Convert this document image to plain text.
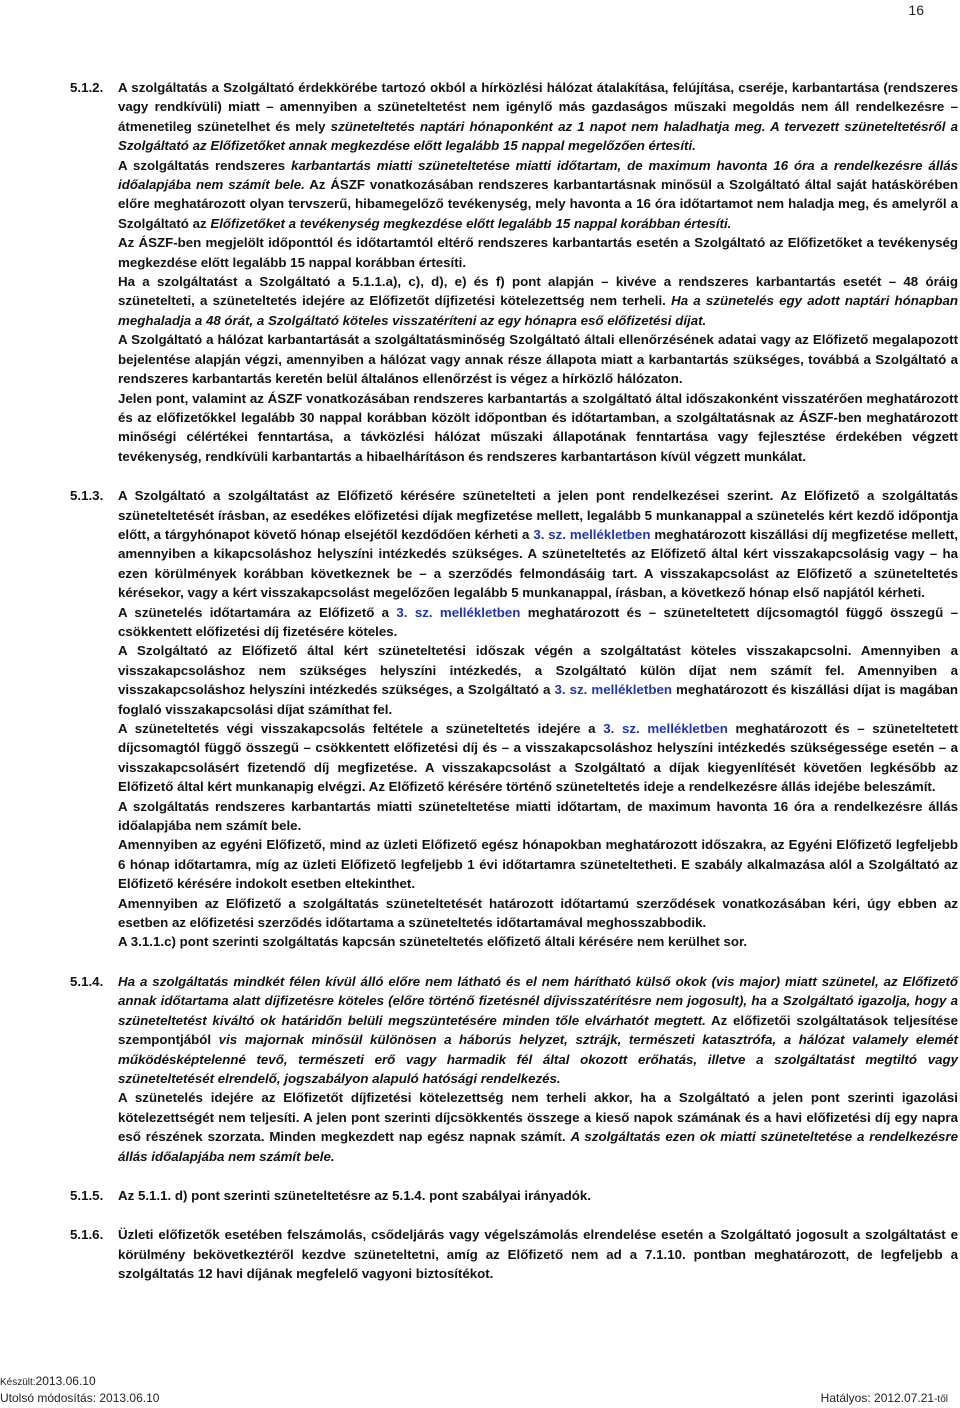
16
5.1.2.	A szolgáltatás a Szolgáltató érdekkörébe tartozó okból a hírközlési hálózat átalakítása, felújítása, cseréje, karbantartása (rendszeres vagy rendkívüli) miatt – amennyiben a szüneteltetést nem igénylő más gazdaságos műszaki megoldás nem áll rendelkezésre – átmenetileg szünetelhet és mely szüneteltetés naptári hónaponként az 1 napot nem haladhatja meg. A tervezett szüneteltetésről a Szolgáltató az Előfizetőket annak megkezdése előtt legalább 15 nappal megelőzően értesíti.

A szolgáltatás rendszeres karbantartás miatti szüneteltetése miatti időtartam, de maximum havonta 16 óra a rendelkezésre állás időalapjába nem számít bele. Az ÁSZF vonatkozásában rendszeres karbantartásnak minősül a Szolgáltató által saját hatáskörében előre meghatározott olyan tervszerű, hibamegelőző tevékenység, mely havonta a 16 óra időtartamot nem haladja meg, és amelyről a Szolgáltató az Előfizetőket a tevékenység megkezdése előtt legalább 15 nappal korábban értesíti.

Az ÁSZF-ben megjelölt időponttól és időtartamtól eltérő rendszeres karbantartás esetén a Szolgáltató az Előfizetőket a tevékenység megkezdése előtt legalább 15 nappal korábban értesíti.

Ha a szolgáltatást a Szolgáltató a 5.1.1.a), c), d), e) és f) pont alapján – kivéve a rendszeres karbantartás esetét – 48 óráig szünetelteti, a szüneteltetés idejére az Előfizetőt díjfizetési kötelezettség nem terheli. Ha a szünetelés egy adott naptári hónapban meghaladja a 48 órát, a Szolgáltató köteles visszatéríteni az egy hónapra eső előfizetési díjat.

A Szolgáltató a hálózat karbantartását a szolgáltatásminőség Szolgáltató általi ellenőrzésének adatai vagy az Előfizető megalapozott bejelentése alapján végzi, amennyiben a hálózat vagy annak része állapota miatt a karbantartás szükséges, továbbá a Szolgáltató a rendszeres karbantartás keretén belül általános ellenőrzést is végez a hírközlő hálózaton.

Jelen pont, valamint az ÁSZF vonatkozásában rendszeres karbantartás a szolgáltató által időszakonként visszatérően meghatározott és az előfizetőkkel legalább 30 nappal korábban közölt időpontban és időtartamban, a szolgáltatásnak az ÁSZF-ben meghatározott minőségi célértékei fenntartása, a távközlési hálózat műszaki állapotának fenntartása vagy fejlesztése érdekében végzett tevékenység, rendkívüli karbantartás a hibaelhárításon és rendszeres karbantartáson kívül végzett munkálat.

5.1.3.	A Szolgáltató a szolgáltatást az Előfizető kérésére szünetelteti a jelen pont rendelkezései szerint. Az Előfizető a szolgáltatás szüneteltetését írásban, az esedékes előfizetési díjak megfizetése mellett, legalább 5 munkanappal a szünetelés kért kezdő időpontja előtt, a tárgyhónapot követő hónap elsejétől kezdődően kérheti a 3. sz. mellékletben meghatározott kiszállási díj megfizetése mellett, amennyiben a kikapcsoláshoz helyszíni intézkedés szükséges. A szüneteltetés az Előfizető által kért visszakapcsolásig vagy – ha ezen körülmények korábban következnek be – a szerződés felmondásáig tart. A visszakapcsolást az Előfizető a szüneteltetés kérésekor, vagy a kért visszakapcsolást megelőzően legalább 5 munkanappal, írásban, a következő hónap első napjától kérheti.

A szünetelés időtartamára az Előfizető a 3. sz. mellékletben meghatározott és – szüneteltetett díjcsomagtól függő összegű – csökkentett előfizetési díj fizetésére köteles.

A Szolgáltató az Előfizető által kért szüneteltetési időszak végén a szolgáltatást köteles visszakapcsolni. Amennyiben a visszakapcsoláshoz nem szükséges helyszíni intézkedés, a Szolgáltató külön díjat nem számít fel. Amennyiben a visszakapcsoláshoz helyszíni intézkedés szükséges, a Szolgáltató a 3. sz. mellékletben meghatározott és kiszállási díjat is magában foglaló visszakapcsolási díjat számíthat fel.

A szüneteltetés végi visszakapcsolás feltétele a szüneteltetés idejére a 3. sz. mellékletben meghatározott és – szüneteltetett díjcsomagtól függő összegű – csökkentett előfizetési díj és – a visszakapcsoláshoz helyszíni intézkedés szükségessége esetén – a visszakapcsolásért fizetendő díj megfizetése. A visszakapcsolást a Szolgáltató a díjak kiegyenlítését követően legkésőbb az Előfizető által kért munkanapig elvégzi. Az Előfizető kérésére történő szüneteltetés ideje a rendelkezésre állás idejébe beleszámít.

A szolgáltatás rendszeres karbantartás miatti szüneteltetése miatti időtartam, de maximum havonta 16 óra a rendelkezésre állás időalapjába nem számít bele.

Amennyiben az egyéni Előfizető, mind az üzleti Előfizető egész hónapokban meghatározott időszakra, az Egyéni Előfizető legfeljebb 6 hónap időtartamra, míg az üzleti Előfizető legfeljebb 1 évi időtartamra szüneteltetheti. E szabály alkalmazása alól a Szolgáltató az Előfizető kérésére indokolt esetben eltekinthet.

Amennyiben az Előfizető a szolgáltatás szüneteltetését határozott időtartamú szerződések vonatkozásában kéri, úgy ebben az esetben az előfizetési szerződés időtartama a szüneteltetés időtartamával meghosszabbodik.

A 3.1.1.c) pont szerinti szolgáltatás kapcsán szüneteltetés előfizető általi kérésére nem kerülhet sor.

5.1.4.	Ha a szolgáltatás mindkét félen kívül álló előre nem látható és el nem hárítható külső okok (vis major) miatt szünetel, az Előfizető annak időtartama alatt díjfizetésre köteles (előre történő fizetésnél díjvisszatérítésre nem jogosult), ha a Szolgáltató igazolja, hogy a szüneteltetést kiváltó ok határidőn belüli megszüntetésére minden tőle elvárhatót megtett. Az előfizetői szolgáltatások teljesítése szempontjából vis majornak minősül különösen a háborús helyzet, sztrájk, természeti katasztrófa, a hálózat valamely elemét működésképtelenné tevő, természeti erő vagy harmadik fél által okozott erőhatás, illetve a szolgáltatást megtiltó vagy szüneteltetését elrendelő, jogszabályon alapuló hatósági rendelkezés.

A szünetelés idejére az Előfizetőt díjfizetési kötelezettség nem terheli akkor, ha a Szolgáltató a jelen pont szerinti igazolási kötelezettségét nem teljesíti. A jelen pont szerinti díjcsökkentés összege a kieső napok számának és a havi előfizetési díj egy napra eső részének szorzata. Minden megkezdett nap egész napnak számít. A szolgáltatás ezen ok miatti szüneteltetése a rendelkezésre állás időalapjába nem számít bele.

5.1.5.	Az 5.1.1. d) pont szerinti szüneteltetésre az 5.1.4. pont szabályai irányadók.

5.1.6.	Üzleti előfizetők esetében felszámolás, csődeljárás vagy végelszámolás elrendelése esetén a Szolgáltató jogosult a szolgáltatást e körülmény bekövetkeztéről kezdve szüneteltetni, amíg az Előfizető nem ad a 7.1.10. pontban meghatározott, de legfeljebb a szolgáltatás 12 havi díjának megfelelő vagyoni biztosítékot.

Készült:2013.06.10
Utolsó módosítás: 2013.06.10	Hatályos: 2012.07.21-től
